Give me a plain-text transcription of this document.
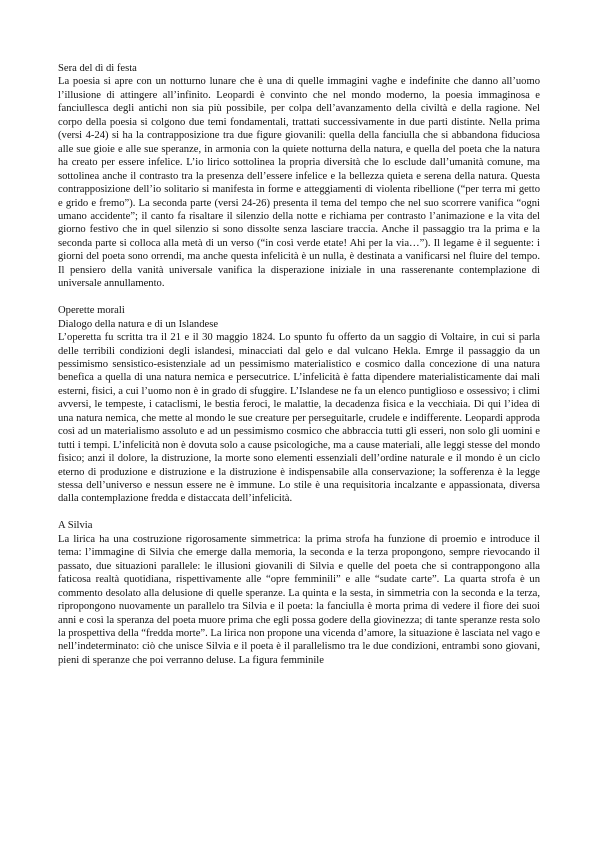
Sera del dì di festa
La poesia si apre con un notturno lunare che è una di quelle immagini vaghe e indefinite che danno all’uomo l’illusione di attingere all’infinito. Leopardi è convinto che nel mondo moderno, la poesia immaginosa e fanciullesca degli antichi non sia più possibile, per colpa dell’avanzamento della civiltà e della ragione. Nel corpo della poesia si colgono due temi fondamentali, trattati successivamente in due parti distinte. Nella prima (versi 4-24) si ha la contrapposizione tra due figure giovanili: quella della fanciulla che si abbandona fiduciosa alle sue gioie e alle sue speranze, in armonia con la quiete notturna della natura, e quella del poeta che la natura ha creato per essere infelice. L’io lirico sottolinea la propria diversità che lo esclude dall’umanità comune, ma sottolinea anche il contrasto tra la presenza dell’essere infelice e la bellezza quieta e serena della natura. Questa contrapposizione dell’io solitario si manifesta in forme e atteggiamenti di violenta ribellione (“per terra mi getto e grido e fremo”). La seconda parte (versi 24-26) presenta il tema del tempo che nel suo scorrere vanifica “ogni umano accidente”; il canto fa risaltare il silenzio della notte e richiama per contrasto l’animazione e la vita del giorno festivo che in quel silenzio si sono dissolte senza lasciare traccia. Anche il passaggio tra la prima e la seconda parte si colloca alla metà di un verso (“in così verde etate! Ahi per la via…”). Il legame è il seguente: i giorni del poeta sono orrendi, ma anche questa infelicità è un nulla, è destinata a vanificarsi nel fluire del tempo. Il pensiero della vanità universale vanifica la disperazione iniziale in una rasserenante contemplazione di universale annullamento.
Operette morali
Dialogo della natura e di un Islandese
L’operetta fu scritta tra il 21 e il 30 maggio 1824. Lo spunto fu offerto da un saggio di Voltaire, in cui si parla delle terribili condizioni degli islandesi, minacciati dal gelo e dal vulcano Hekla. Emrge il passaggio da un pessimismo sensistico-esistenziale ad un pessimismo materialistico e cosmico dalla concezione di una natura benefica a quella di una natura nemica e persecutrice. L’infelicità è fatta dipendere materialisticamente dai mali esterni, fisici, a cui l’uomo non è in grado di sfuggire. L’Islandese ne fa un elenco puntiglioso e ossessivo; i climi avversi, le tempeste, i cataclismi, le bestia feroci, le malattie, la decadenza fisica e la vecchiaia. Di qui l’idea di una natura nemica, che mette al mondo le sue creature per perseguitarle, crudele e indifferente. Leopardi approda così ad un materialismo assoluto e ad un pessimismo cosmico che abbraccia tutti gli esseri, non solo gli uomini e tutti i tempi. L’infelicità non è dovuta solo a cause psicologiche, ma a cause materiali, alle leggi stesse del mondo fisico; anzi il dolore, la distruzione, la morte sono elementi essenziali dell’ordine naturale e il mondo è un ciclo eterno di produzione e distruzione e la distruzione è indispensabile alla conservazione; la sofferenza è la legge stessa dell’universo e nessun essere ne è immune. Lo stile è una requisitoria incalzante e appassionata, diversa dalla contemplazione fredda e distaccata dell’infelicità.
A Silvia
La lirica ha una costruzione rigorosamente simmetrica: la prima strofa ha funzione di proemio e introduce il tema: l’immagine di Silvia che emerge dalla memoria, la seconda e la terza propongono, sempre rievocando il passato, due situazioni parallele: le illusioni giovanili di Silvia e quelle del poeta che si contrappongono alla faticosa realtà quotidiana, rispettivamente alle “opre femminili” e alle “sudate carte”. La quarta strofa è un commento desolato alla delusione di quelle speranze. La quinta e la sesta, in simmetria con la seconda e la terza, ripropongono nuovamente un parallelo tra Silvia e il poeta: la fanciulla è morta prima di vedere il fiore dei suoi anni e così la speranza del poeta muore prima che egli possa godere della giovinezza; di tante speranze resta solo la prospettiva della “fredda morte”. La lirica non propone una vicenda d’amore, la situazione è lasciata nel vago e nell’indeterminato: ciò che unisce Silvia e il poeta è il parallelismo tra le due condizioni, entrambi sono giovani, pieni di speranze che poi verranno deluse. La figura femminile
